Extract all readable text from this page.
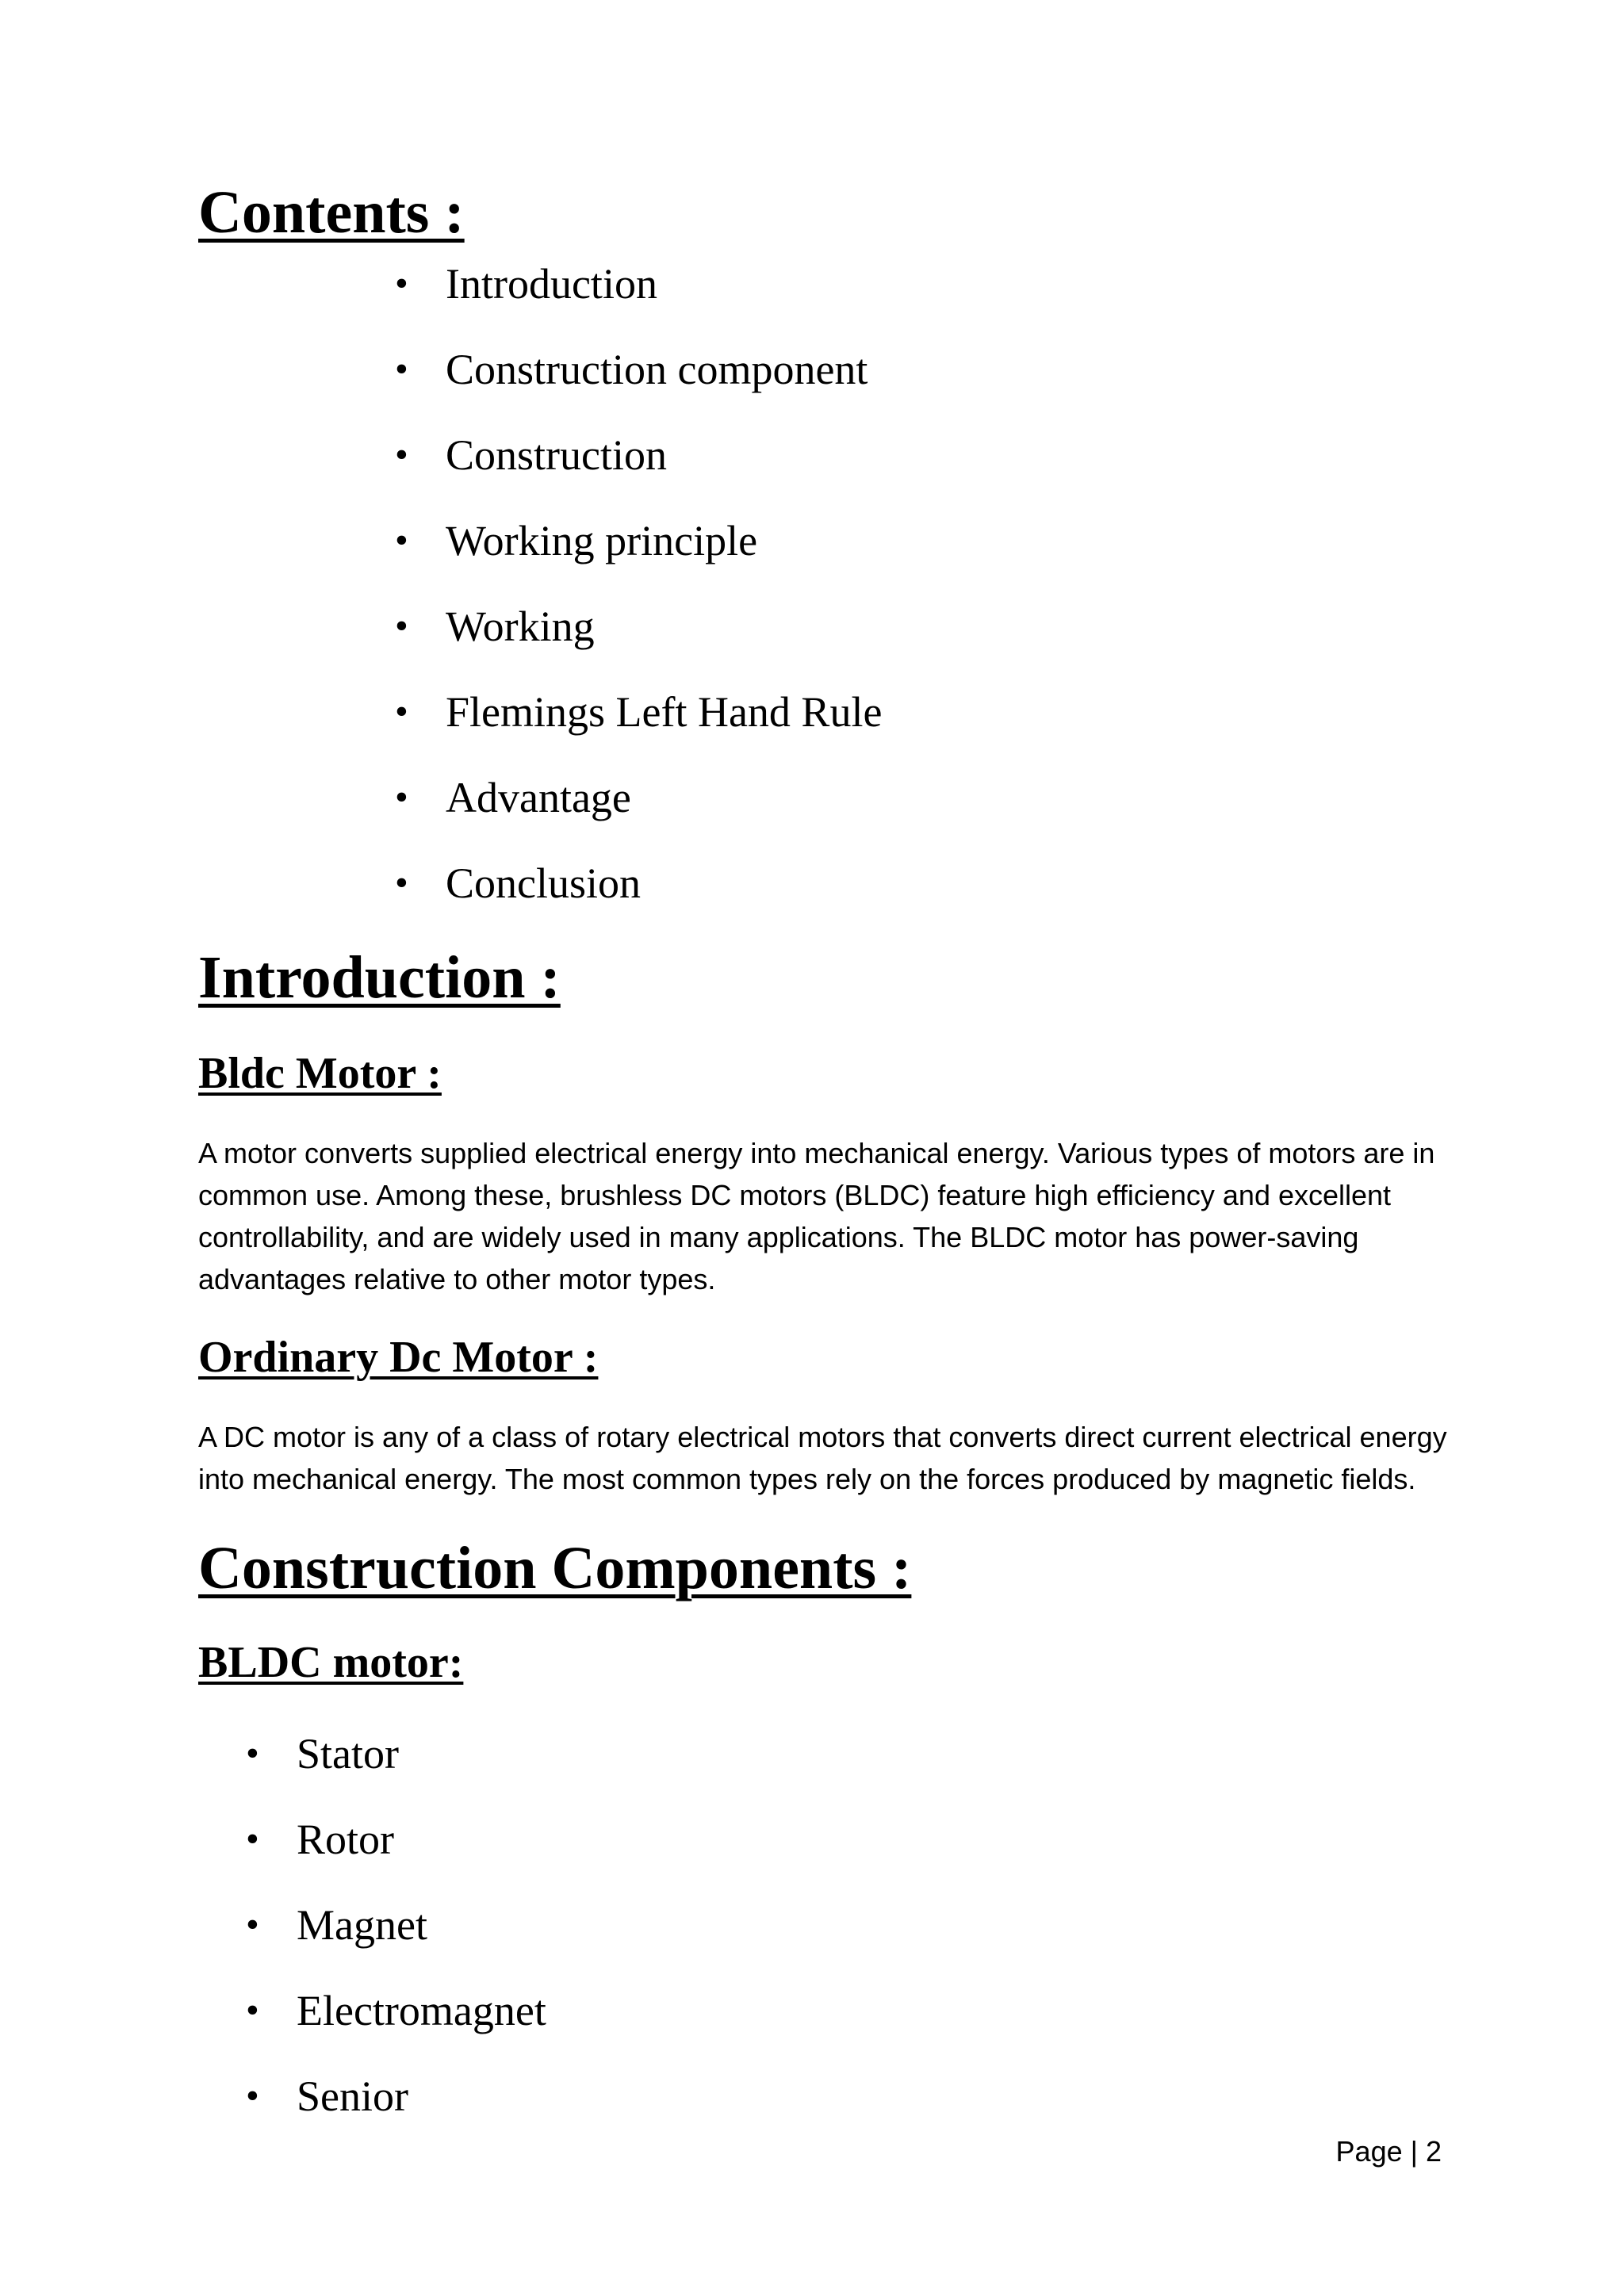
Contents :
• Introduction
• Construction component
• Construction
• Working principle
• Working
• Flemings Left Hand Rule
• Advantage
• Conclusion
Introduction :
Bldc Motor :

A motor converts supplied electrical energy into mechanical energy. Various types of motors are in common use. Among these, brushless DC motors (BLDC) feature high efficiency and excellent controllability, and are widely used in many applications. The BLDC motor has power-saving advantages relative to other motor types.

Ordinary Dc Motor :

A DC motor is any of a class of rotary electrical motors that converts direct current electrical energy into mechanical energy. The most common types rely on the forces produced by magnetic fields.

Construction Components :
BLDC motor:
• Stator
• Rotor
• Magnet
• Electromagnet
• Senior
Page | 2
